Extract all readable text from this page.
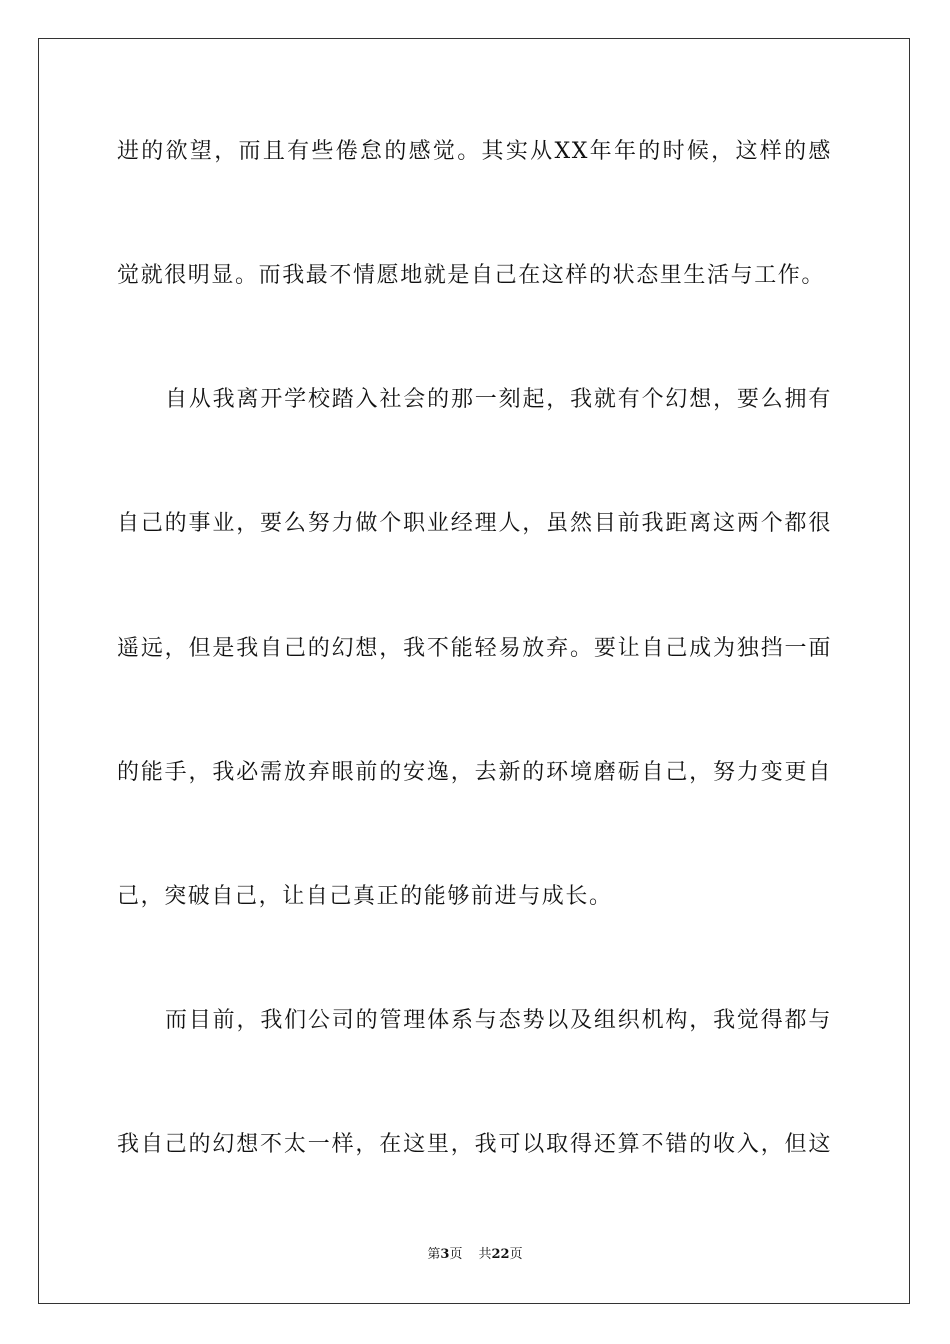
进的欲望，而且有些倦怠的感觉。其实从XX年年的时候，这样的感
觉就很明显。而我最不情愿地就是自己在这样的状态里生活与工作。
自从我离开学校踏入社会的那一刻起，我就有个幻想，要么拥有
自己的事业，要么努力做个职业经理人，虽然目前我距离这两个都很
遥远，但是我自己的幻想，我不能轻易放弃。要让自己成为独挡一面
的能手，我必需放弃眼前的安逸，去新的环境磨砺自己，努力变更自
己，突破自己，让自己真正的能够前进与成长。
而目前，我们公司的管理体系与态势以及组织机构，我觉得都与
我自己的幻想不太一样，在这里，我可以取得还算不错的收入，但这
第3页 共22页
